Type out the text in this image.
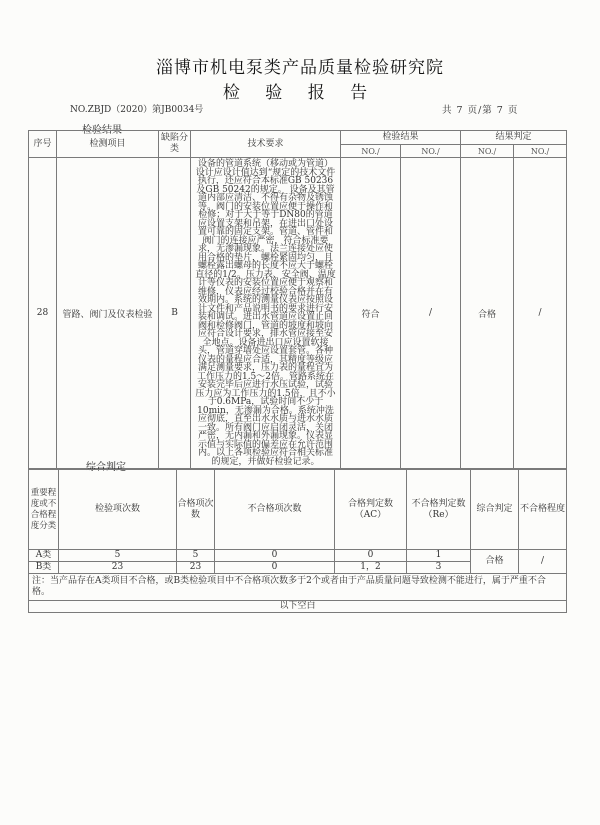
淄博市机电泵类产品质量检验研究院
检 验 报 告
NO.ZBJD（2020）第JB0034号	共 7 页/第 7 页
检验结果
序号	检测项目	缺陷分类	技术要求	检验结果		结果判定	
				NO./	NO./	NO./	NO./
28	管路、阀门及仪表检验	B	设备的管道系统（移动或为管道）设计应设计值达到“规定的技术文件执行，还应符合本标准GB 50236及GB 50242的规定。 设备及其管道内部应清洁、不得有杂物及锈蚀等。阀门的安装位置应便于操作和检修；对于大于等于DN80的管道应设置支架和吊架，在进出口处设置可靠的固定支架。管道、管件和阀门的连接应严密，符合标准要求，无渗漏现象。法兰连接处应使用合格的垫片，螺栓紧固均匀，且螺栓露出螺母的长度不应大于螺栓直径的1/2。压力表、安全阀、温度计等仪表的安装位置应便于观察和维修，仪表应经过校验合格并在有效期内。系统的测量仪表应按照设计文件和产品说明书的要求进行安装和调试。进出水管道应设置止回阀和检修阀门，管道的坡度和坡向应符合设计要求，排水管应接至安全地点。设备进出口应设置软接头，管道穿墙处应设置套管。各种仪表的量程应合适，其精度等级应满足测量要求，压力表的量程宜为工作压力的1.5～2倍。管路系统在安装完毕后应进行水压试验，试验压力应为工作压力的1.5倍，且不小于0.6MPa，试验时间不少于10min，无渗漏为合格。系统冲洗应彻底，直至出水水质与进水水质一致。所有阀门应启闭灵活，关闭严密，无内漏和外漏现象。仪表显示值与实际值的偏差应在允许范围内。以上各项检验应符合相关标准的规定，并做好检验记录。	符合	/	合格	/
综合判定
重要程度或不合格程度分类	检验项次数	合格项次数	不合格项次数	合格判定数（AC）	不合格判定数（Re）	综合判定	不合格程度
A类	5	5	0	0	1	合格	/
B类	23	23	0	1，2	3		
注：当产品存在A类项目不合格，或B类检验项目中不合格项次数多于2个或者由于产品质量问题导致检测不能进行，属于严重不合格。							
以下空白							
